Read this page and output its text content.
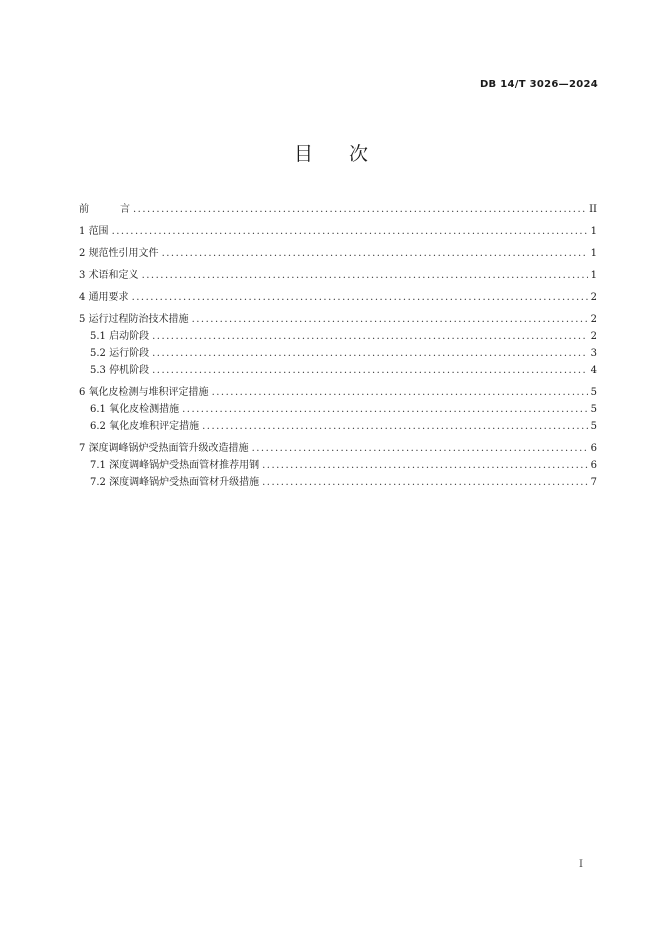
DB 14/T 3026—2024
目 次
前	言 .....	II
1 范围 .....	1
2 规范性引用文件 .....	1
3 术语和定义 .....	1
4 通用要求 .....	2
5 运行过程防治技术措施 .....	2
5.1 启动阶段 .....	2
5.2 运行阶段 .....	3
5.3 停机阶段 .....	4
6 氧化皮检测与堆积评定措施 .....	5
6.1 氧化皮检测措施 .....	5
6.2 氧化皮堆积评定措施 .....	5
7 深度调峰锅炉受热面管升级改造措施 .....	6
7.1 深度调峰锅炉受热面管材推荐用钢 .....	6
7.2 深度调峰锅炉受热面管材升级措施 .....	7
I
